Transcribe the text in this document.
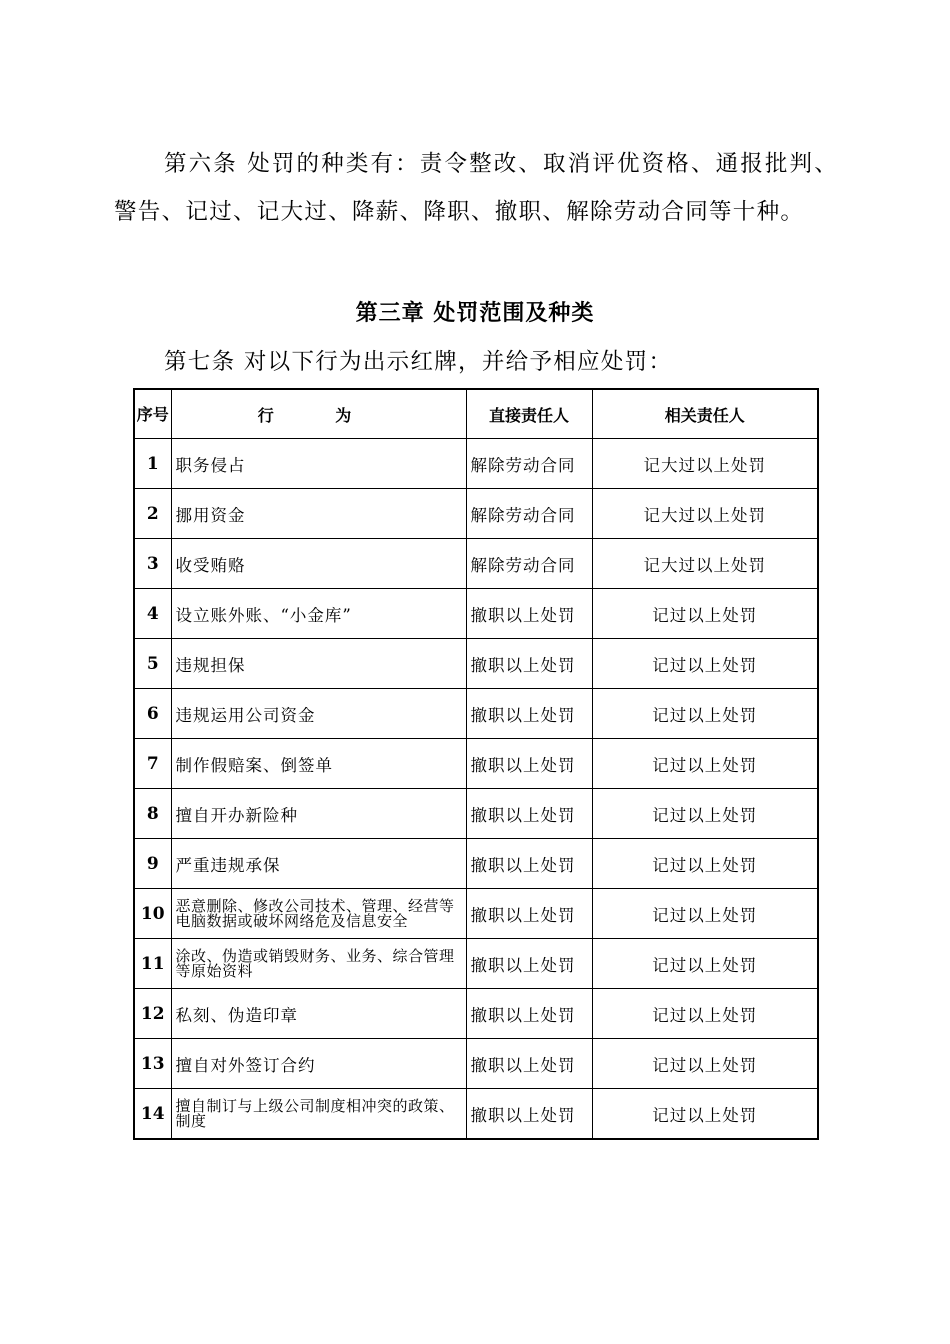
第六条 处罚的种类有：责令整改、取消评优资格、通报批判、警告、记过、记大过、降薪、降职、撤职、解除劳动合同等十种。

第三章 处罚范围及种类

第七条 对以下行为出示红牌，并给予相应处罚：

序号	行 为	直接责任人	相关责任人
1	职务侵占	解除劳动合同	记大过以上处罚
2	挪用资金	解除劳动合同	记大过以上处罚
3	收受贿赂	解除劳动合同	记大过以上处罚
4	设立账外账、“小金库”	撤职以上处罚	记过以上处罚
5	违规担保	撤职以上处罚	记过以上处罚
6	违规运用公司资金	撤职以上处罚	记过以上处罚
7	制作假赔案、倒签单	撤职以上处罚	记过以上处罚
8	擅自开办新险种	撤职以上处罚	记过以上处罚
9	严重违规承保	撤职以上处罚	记过以上处罚
10	恶意删除、修改公司技术、管理、经营等电脑数据或破坏网络危及信息安全	撤职以上处罚	记过以上处罚
11	涂改、伪造或销毁财务、业务、综合管理等原始资料	撤职以上处罚	记过以上处罚
12	私刻、伪造印章	撤职以上处罚	记过以上处罚
13	擅自对外签订合约	撤职以上处罚	记过以上处罚
14	擅自制订与上级公司制度相冲突的政策、制度	撤职以上处罚	记过以上处罚
